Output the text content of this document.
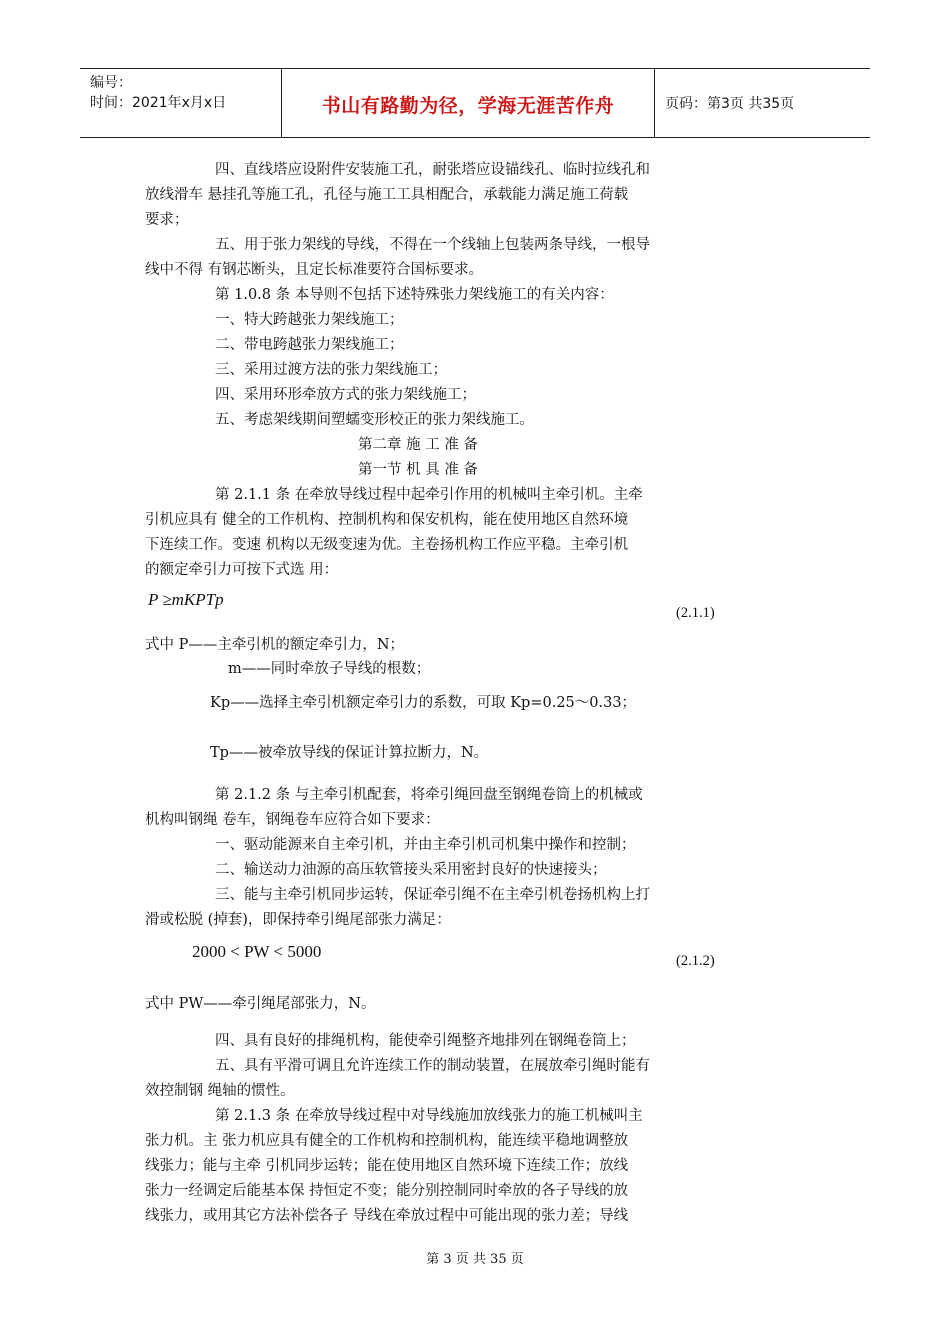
编号：
时间：2021年x月x日	书山有路勤为径，学海无涯苦作舟	页码：第3页 共35页
四、直线塔应设附件安装施工孔，耐张塔应设锚线孔、临时拉线孔和
放线滑车 悬挂孔等施工孔，孔径与施工工具相配合，承载能力满足施工荷载
要求；
五、用于张力架线的导线，不得在一个线轴上包装两条导线，一根导
线中不得 有钢芯断头，且定长标准要符合国标要求。
第 1.0.8 条 本导则不包括下述特殊张力架线施工的有关内容：
一、特大跨越张力架线施工；
二、带电跨越张力架线施工；
三、采用过渡方法的张力架线施工；
四、采用环形牵放方式的张力架线施工；
五、考虑架线期间塑蠕变形校正的张力架线施工。
第二章 施 工 准 备
第一节 机 具 准 备
第 2.1.1 条 在牵放导线过程中起牵引作用的机械叫主牵引机。主牵
引机应具有 健全的工作机构、控制机构和保安机构，能在使用地区自然环境
下连续工作。变速 机构以无级变速为优。主卷扬机构工作应平稳。主牵引机
的额定牵引力可按下式选 用：
P ≥mKPTp
(2.1.1)
式中 P——主牵引机的额定牵引力，N；
m——同时牵放子导线的根数；
Kp——选择主牵引机额定牵引力的系数，可取 Kp=0.25～0.33；
Tp——被牵放导线的保证计算拉断力，N。
第 2.1.2 条 与主牵引机配套，将牵引绳回盘至钢绳卷筒上的机械或
机构叫钢绳 卷车，钢绳卷车应符合如下要求：
一、驱动能源来自主牵引机，并由主牵引机司机集中操作和控制；
二、输送动力油源的高压软管接头采用密封良好的快速接头；
三、能与主牵引机同步运转，保证牵引绳不在主牵引机卷扬机构上打
滑或松脱 (掉套)，即保持牵引绳尾部张力满足：
2000 < PW < 5000	(2.1.2)
式中 PW——牵引绳尾部张力，N。
四、具有良好的排绳机构，能使牵引绳整齐地排列在钢绳卷筒上；
五、具有平滑可调且允许连续工作的制动装置，在展放牵引绳时能有
效控制钢 绳轴的惯性。
第 2.1.3 条 在牵放导线过程中对导线施加放线张力的施工机械叫主
张力机。主 张力机应具有健全的工作机构和控制机构，能连续平稳地调整放
线张力；能与主牵 引机同步运转；能在使用地区自然环境下连续工作；放线
张力一经调定后能基本保 持恒定不变；能分别控制同时牵放的各子导线的放
线张力，或用其它方法补偿各子 导线在牵放过程中可能出现的张力差；导线
第 3 页 共 35 页
